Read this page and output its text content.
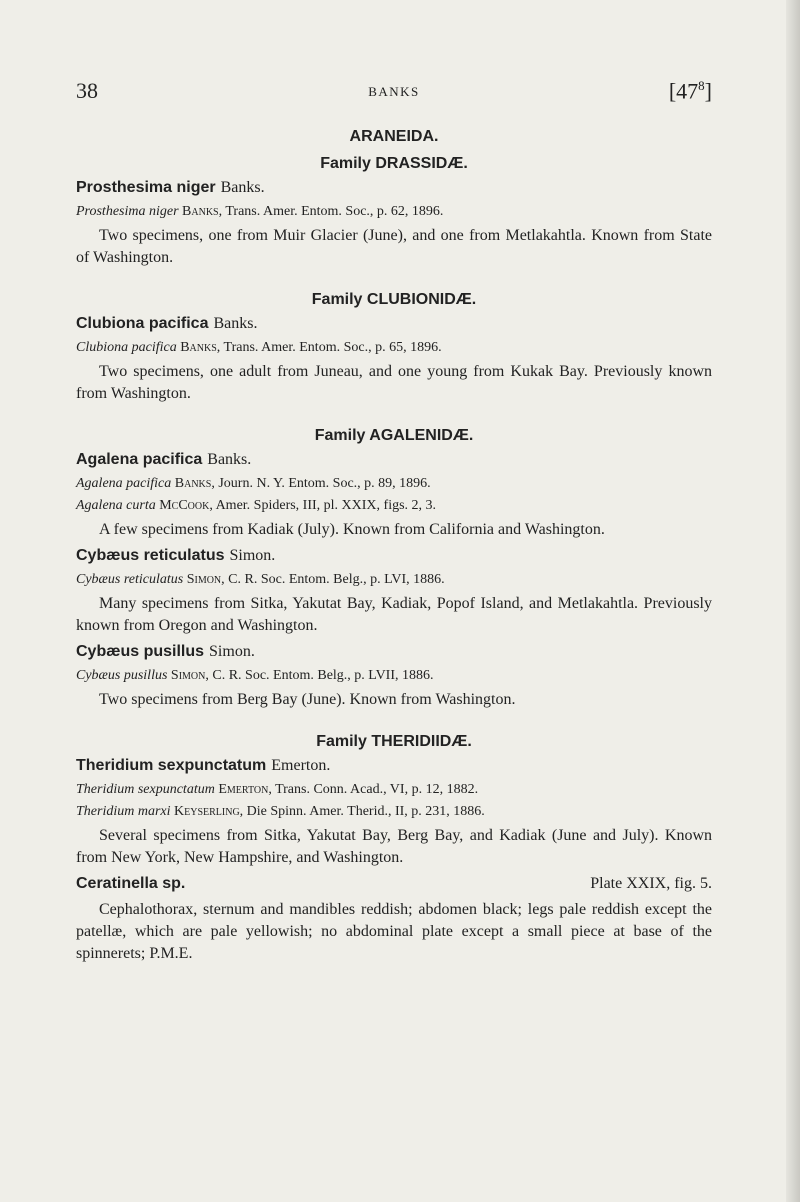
38	BANKS	$[47^8]$
ARANEIDA.
Family DRASSIDÆ.
Prosthesima niger Banks.
Prosthesima niger Banks, Trans. Amer. Entom. Soc., p. 62, 1896.
Two specimens, one from Muir Glacier (June), and one from Metlakahtla. Known from State of Washington.
Family CLUBIONIDÆ.
Clubiona pacifica Banks.
Clubiona pacifica Banks, Trans. Amer. Entom. Soc., p. 65, 1896.
Two specimens, one adult from Juneau, and one young from Kukak Bay. Previously known from Washington.
Family AGALENIDÆ.
Agalena pacifica Banks.
Agalena pacifica Banks, Journ. N. Y. Entom. Soc., p. 89, 1896.
Agalena curta McCook, Amer. Spiders, III, pl. XXIX, figs. 2, 3.
A few specimens from Kadiak (July). Known from California and Washington.
Cybæus reticulatus Simon.
Cybæus reticulatus Simon, C. R. Soc. Entom. Belg., p. LVI, 1886.
Many specimens from Sitka, Yakutat Bay, Kadiak, Popof Island, and Metlakahtla. Previously known from Oregon and Washington.
Cybæus pusillus Simon.
Cybæus pusillus Simon, C. R. Soc. Entom. Belg., p. LVII, 1886.
Two specimens from Berg Bay (June). Known from Washington.
Family THERIDIIDÆ.
Theridium sexpunctatum Emerton.
Theridium sexpunctatum Emerton, Trans. Conn. Acad., VI, p. 12, 1882.
Theridium marxi Keyserling, Die Spinn. Amer. Therid., II, p. 231, 1886.
Several specimens from Sitka, Yakutat Bay, Berg Bay, and Kadiak (June and July). Known from New York, New Hampshire, and Washington.
Ceratinella sp.	Plate XXIX, fig. 5.
Cephalothorax, sternum and mandibles reddish; abdomen black; legs pale reddish except the patellæ, which are pale yellowish; no abdominal plate except a small piece at base of the spinnerets; P.M.E.
